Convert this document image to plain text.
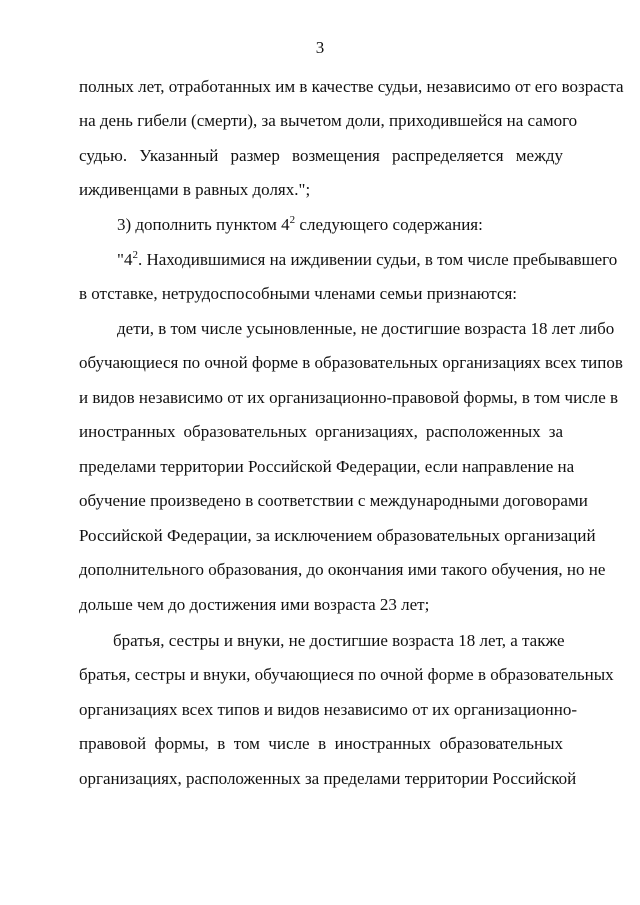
3
полных лет, отработанных им в качестве судьи, независимо от его возраста
на день гибели (смерти), за вычетом доли, приходившейся на самого
судью. Указанный размер возмещения распределяется между
иждивенцами в равных долях.";
3) дополнить пунктом $4^2$ следующего содержания:
"$4^2$. Находившимися на иждивении судьи, в том числе пребывавшего
в отставке, нетрудоспособными членами семьи признаются:
дети, в том числе усыновленные, не достигшие возраста 18 лет либо
обучающиеся по очной форме в образовательных организациях всех типов
и видов независимо от их организационно-правовой формы, в том числе в
иностранных образовательных организациях, расположенных за
пределами территории Российской Федерации, если направление на
обучение произведено в соответствии с международными договорами
Российской Федерации, за исключением образовательных организаций
дополнительного образования, до окончания ими такого обучения, но не
дольше чем до достижения ими возраста 23 лет;
братья, сестры и внуки, не достигшие возраста 18 лет, а также
братья, сестры и внуки, обучающиеся по очной форме в образовательных
организациях всех типов и видов независимо от их организационно-
правовой формы, в том числе в иностранных образовательных
организациях, расположенных за пределами территории Российской
